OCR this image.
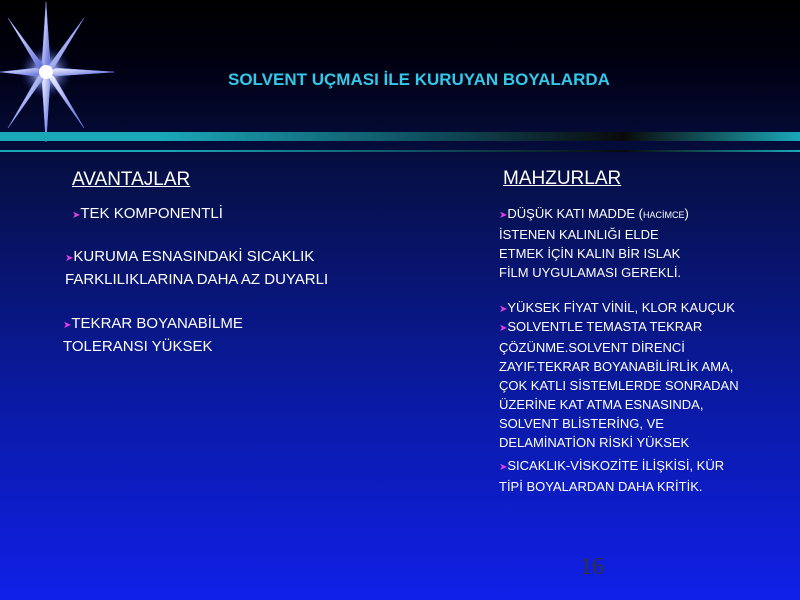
SOLVENT UÇMASI İLE KURUYAN BOYALARDA
AVANTAJLAR
➤TEK KOMPONENTLİ
➤KURUMA ESNASINDAKİ SICAKLIK
FARKLILIKLARINA DAHA AZ DUYARLI
➤TEKRAR BOYANABİLME
TOLERANSI YÜKSEK
MAHZURLAR
➤DÜŞÜK KATI MADDE (HACİMCE)
İSTENEN KALINLIĞI ELDE
ETMEK İÇİN KALIN BİR ISLAK
FİLM UYGULAMASI GEREKLİ.
➤YÜKSEK FİYAT VİNİL, KLOR KAUÇUK
➤SOLVENTLE TEMASTA TEKRAR
ÇÖZÜNME.SOLVENT DİRENCİ
ZAYIF.TEKRAR BOYANABİLİRLİK AMA,
ÇOK KATLI SİSTEMLERDE SONRADAN
ÜZERİNE KAT ATMA ESNASINDA,
SOLVENT BLİSTERİNG, VE
DELAMİNATİON RİSKİ YÜKSEK
➤SICAKLIK-VİSKOZİTE İLİŞKİSİ, KÜR
TİPİ BOYALARDAN DAHA KRİTİK.
16
